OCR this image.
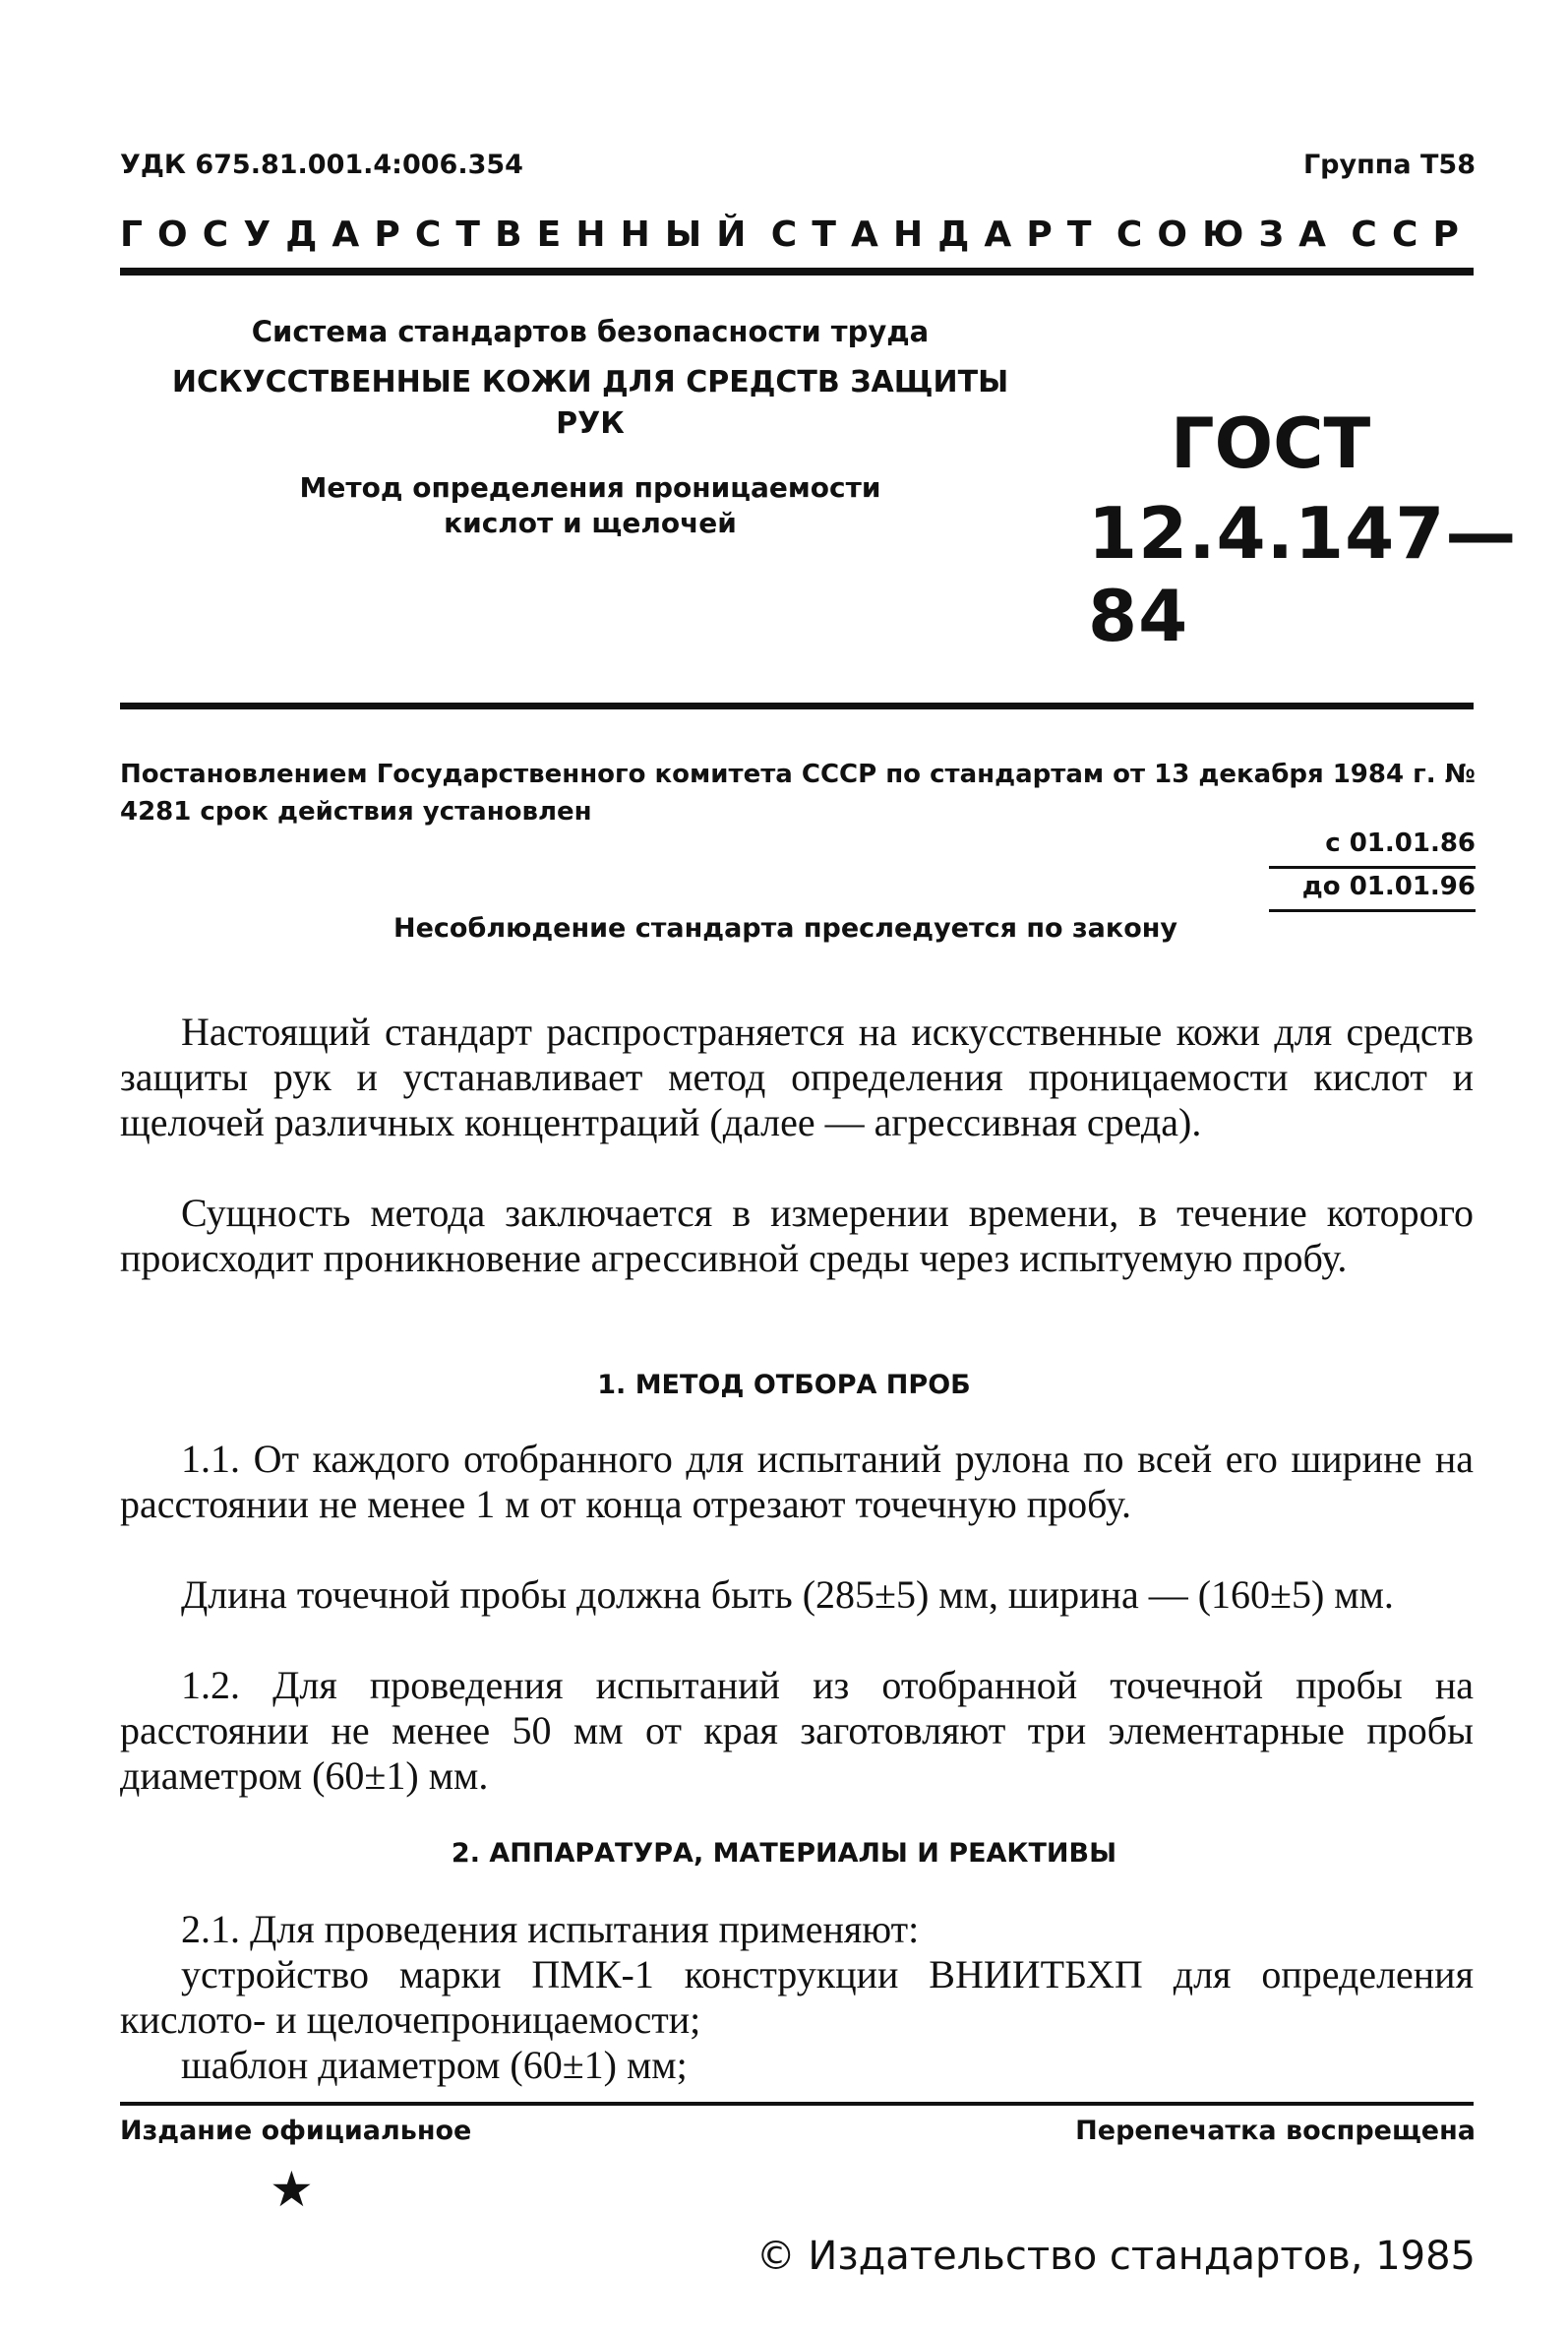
УДК 675.81.001.4:006.354	Группа Т58
ГОСУДАРСТВЕННЫЙ СТАНДАРТ СОЮЗА ССР

Система стандартов безопасности труда

ИСКУССТВЕННЫЕ КОЖИ ДЛЯ СРЕДСТВ ЗАЩИТЫ

РУК

Метод определения проницаемости
кислот и щелочей

ГОСТ
12.4.147—84

Постановлением Государственного комитета СССР по стандартам от 13 декабря 1984 г. № 4281 срок действия установлен

с 01.01.86
до 01.01.96
Несоблюдение стандарта преследуется по закону

Настоящий стандарт распространяется на искусственные кожи для средств защиты рук и устанавливает метод определения проницаемости кислот и щелочей различных концентраций (далее — агрессивная среда).

Сущность метода заключается в измерении времени, в течение которого происходит проникновение агрессивной среды через испытуемую пробу.

1. МЕТОД ОТБОРА ПРОБ

1.1. От каждого отобранного для испытаний рулона по всей его ширине на расстоянии не менее 1 м от конца отрезают точечную пробу.

Длина точечной пробы должна быть (285±5) мм, ширина — (160±5) мм.

1.2. Для проведения испытаний из отобранной точечной пробы на расстоянии не менее 50 мм от края заготовляют три элементарные пробы диаметром (60±1) мм.

2. АППАРАТУРА, МАТЕРИАЛЫ И РЕАКТИВЫ

2.1. Для проведения испытания применяют:

устройство марки ПМК-1 конструкции ВНИИТБХП для определения кислото- и щелочепроницаемости;

шаблон диаметром (60±1) мм;

Издание официальное	Перепечатка воспрещена
★
© Издательство стандартов, 1985
